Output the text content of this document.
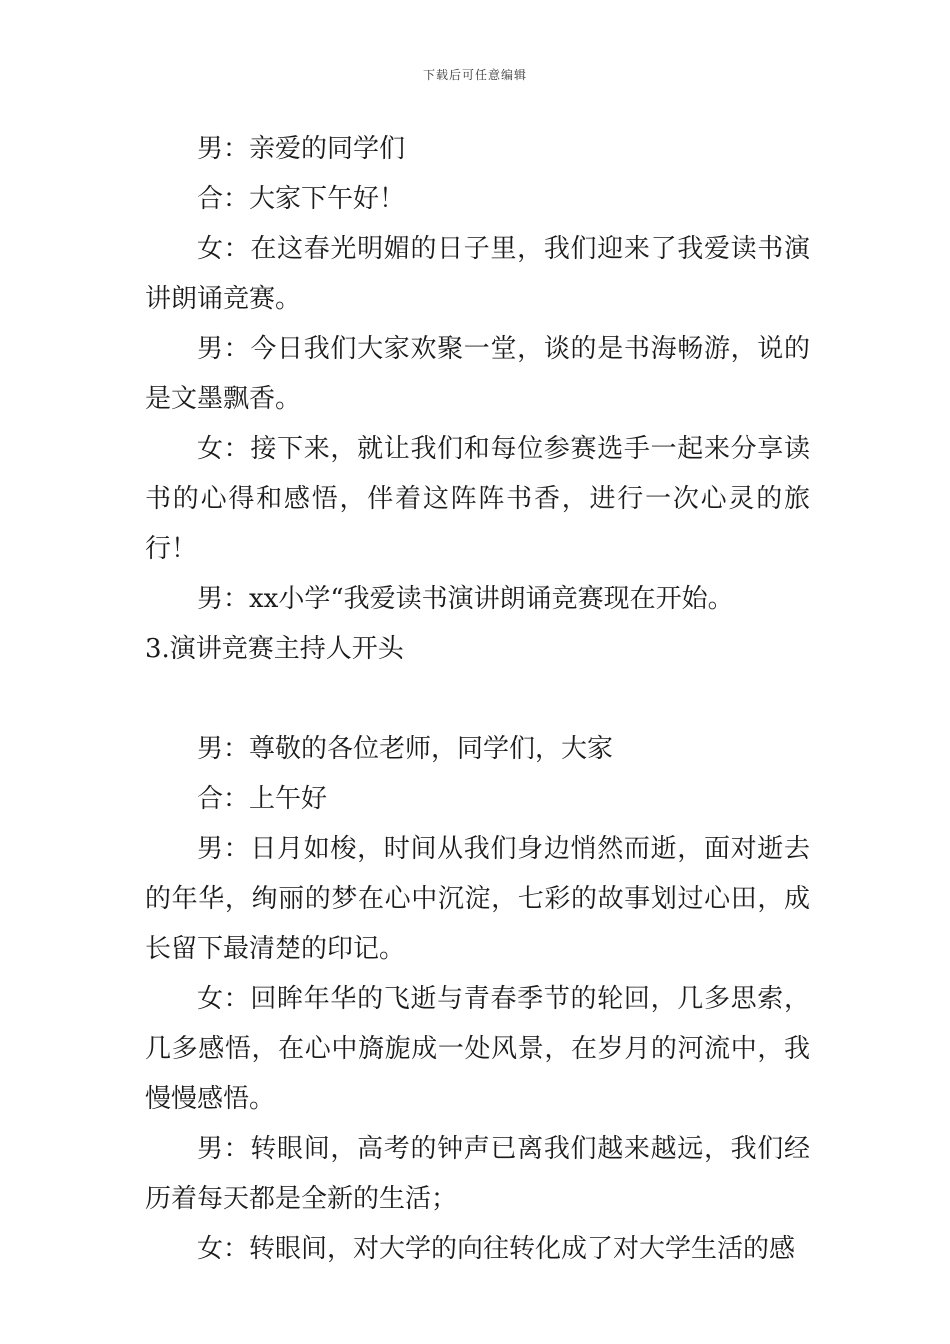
下载后可任意编辑

男：亲爱的同学们

合：大家下午好！

女：在这春光明媚的日子里，我们迎来了我爱读书演讲朗诵竞赛。

男：今日我们大家欢聚一堂，谈的是书海畅游，说的是文墨飘香。

女：接下来，就让我们和每位参赛选手一起来分享读书的心得和感悟，伴着这阵阵书香，进行一次心灵的旅行！

男：xx小学“我爱读书演讲朗诵竞赛现在开始。

3.演讲竞赛主持人开头

男：尊敬的各位老师，同学们，大家

合：上午好

男：日月如梭，时间从我们身边悄然而逝，面对逝去的年华，绚丽的梦在心中沉淀，七彩的故事划过心田，成长留下最清楚的印记。

女：回眸年华的飞逝与青春季节的轮回，几多思索，几多感悟，在心中旖旎成一处风景，在岁月的河流中，我慢慢感悟。

男：转眼间，高考的钟声已离我们越来越远，我们经历着每天都是全新的生活；

女：转眼间，对大学的向往转化成了对大学生活的感
